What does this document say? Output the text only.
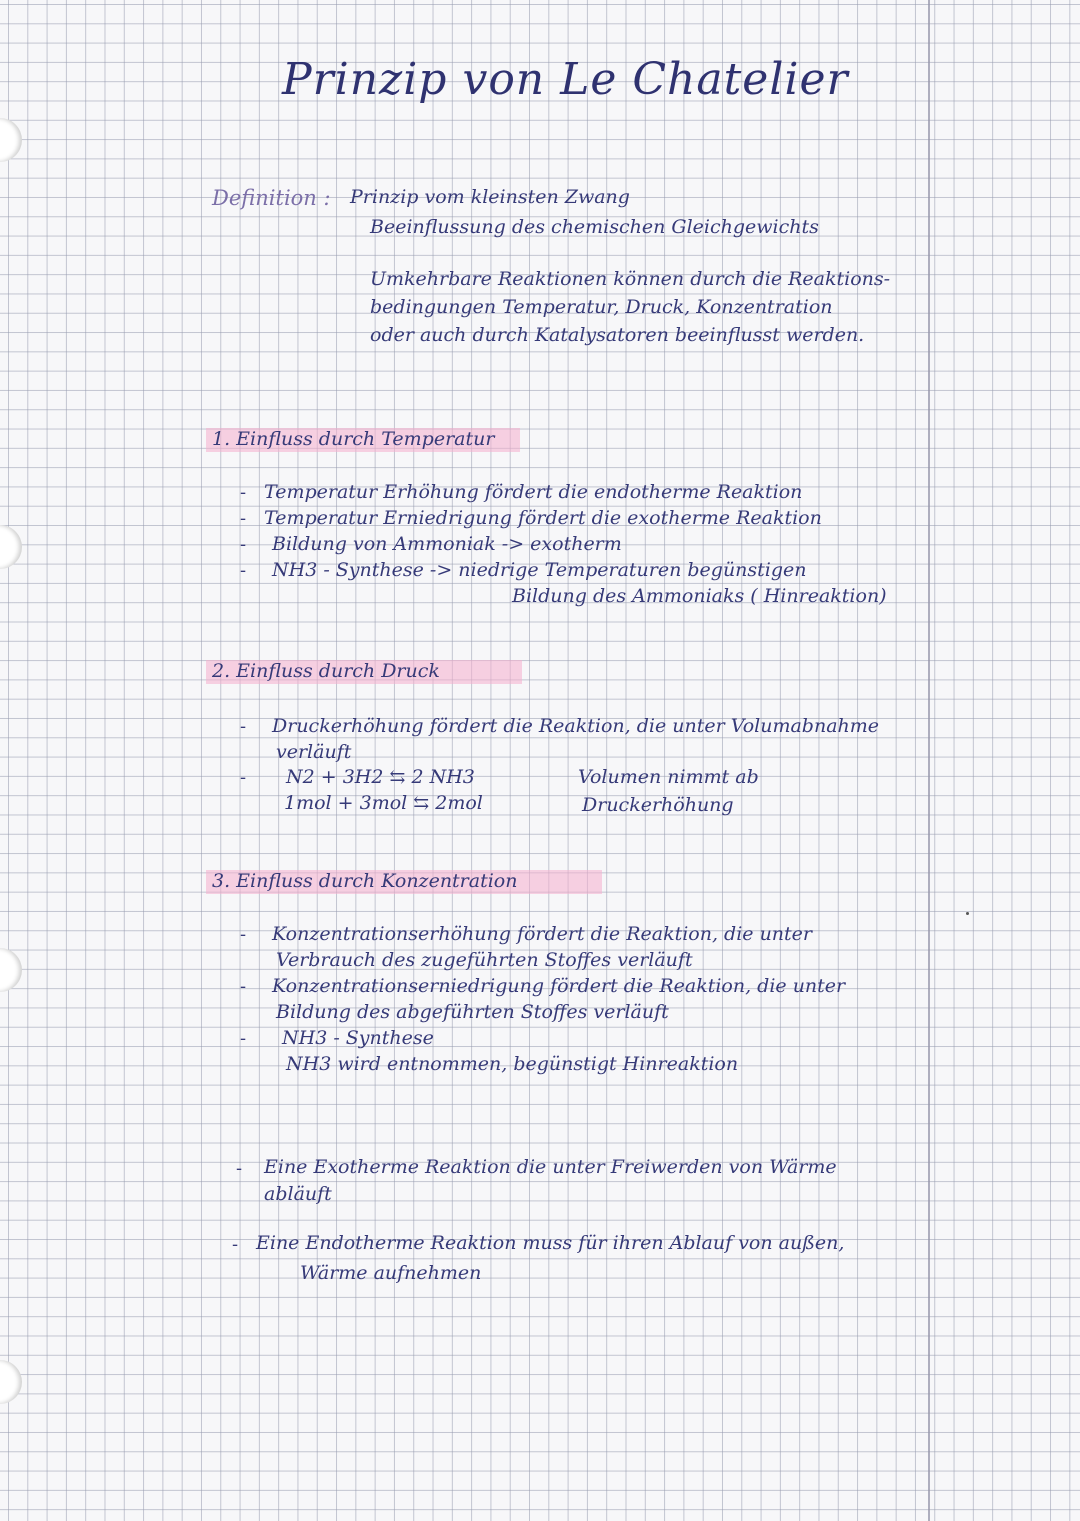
Prinzip von Le Chatelier
Definition : Prinzip vom kleinsten Zwang
Beeinflussung des chemischen Gleichgewichts
Umkehrbare Reaktionen können durch die Reaktions-
bedingungen Temperatur, Druck, Konzentration
oder auch durch Katalysatoren beeinflusst werden.
1. Einfluss durch Temperatur
- Temperatur Erhöhung fördert die endotherme Reaktion
- Temperatur Erniedrigung fördert die exotherme Reaktion
- Bildung von Ammoniak -> exotherm
- NH3 - Synthese -> niedrige Temperaturen begünstigen
Bildung des Ammoniaks ( Hinreaktion)
2. Einfluss durch Druck
- Druckerhöhung fördert die Reaktion, die unter Volumabnahme
verläuft
- N2 + 3H2 ⇆ 2 NH3
1mol + 3mol ⇆ 2mol
Volumen nimmt ab
Druckerhöhung
3. Einfluss durch Konzentration
- Konzentrationserhöhung fördert die Reaktion, die unter
Verbrauch des zugeführten Stoffes verläuft
- Konzentrationserniedrigung fördert die Reaktion, die unter
Bildung des abgeführten Stoffes verläuft
- NH3 - Synthese
NH3 wird entnommen, begünstigt Hinreaktion
- Eine Exotherme Reaktion die unter Freiwerden von Wärme
abläuft
- Eine Endotherme Reaktion muss für ihren Ablauf von außen,
Wärme aufnehmen
